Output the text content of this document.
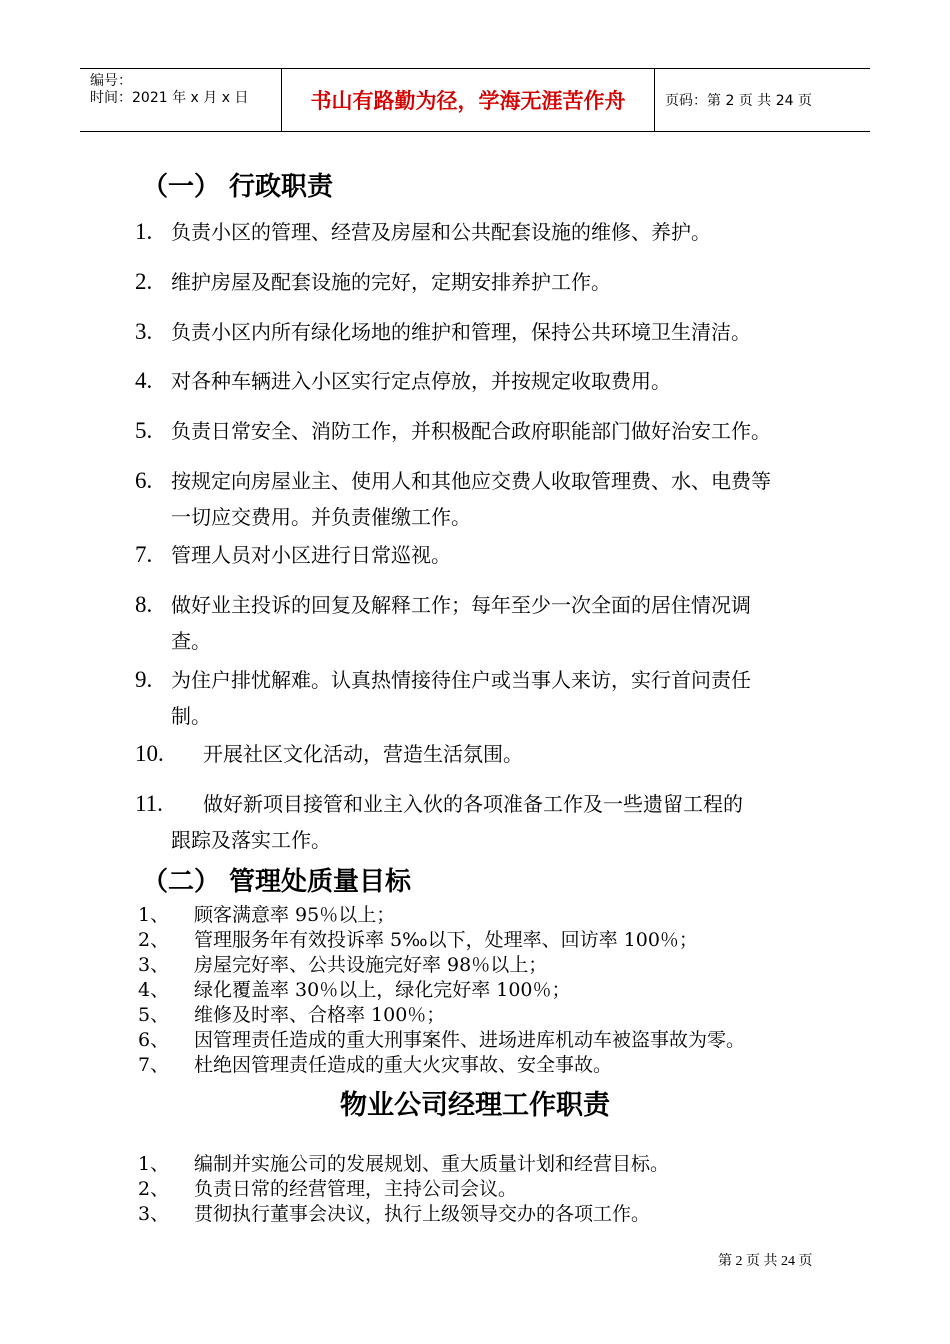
编号：
时间：2021 年 x 月 x 日	书山有路勤为径，学海无涯苦作舟	页码：第 2 页 共 24 页
（一） 行政职责
1. 负责小区的管理、经营及房屋和公共配套设施的维修、养护。
2. 维护房屋及配套设施的完好，定期安排养护工作。
3. 负责小区内所有绿化场地的维护和管理，保持公共环境卫生清洁。
4. 对各种车辆进入小区实行定点停放，并按规定收取费用。
5. 负责日常安全、消防工作，并积极配合政府职能部门做好治安工作。
6. 按规定向房屋业主、使用人和其他应交费人收取管理费、水、电费等
一切应交费用。并负责催缴工作。
7. 管理人员对小区进行日常巡视。
8. 做好业主投诉的回复及解释工作；每年至少一次全面的居住情况调
查。
9. 为住户排忧解难。认真热情接待住户或当事人来访，实行首问责任
制。
10. 开展社区文化活动，营造生活氛围。
11. 做好新项目接管和业主入伙的各项准备工作及一些遗留工程的
跟踪及落实工作。
（二） 管理处质量目标
1、 顾客满意率 95％以上；
2、 管理服务年有效投诉率 5‰以下，处理率、回访率 100％；
3、 房屋完好率、公共设施完好率 98％以上；
4、 绿化覆盖率 30％以上，绿化完好率 100％；
5、 维修及时率、合格率 100％；
6、 因管理责任造成的重大刑事案件、进场进库机动车被盗事故为零。
7、 杜绝因管理责任造成的重大火灾事故、安全事故。
物业公司经理工作职责
1、 编制并实施公司的发展规划、重大质量计划和经营目标。
2、 负责日常的经营管理，主持公司会议。
3、 贯彻执行董事会决议，执行上级领导交办的各项工作。
第 2 页 共 24 页
